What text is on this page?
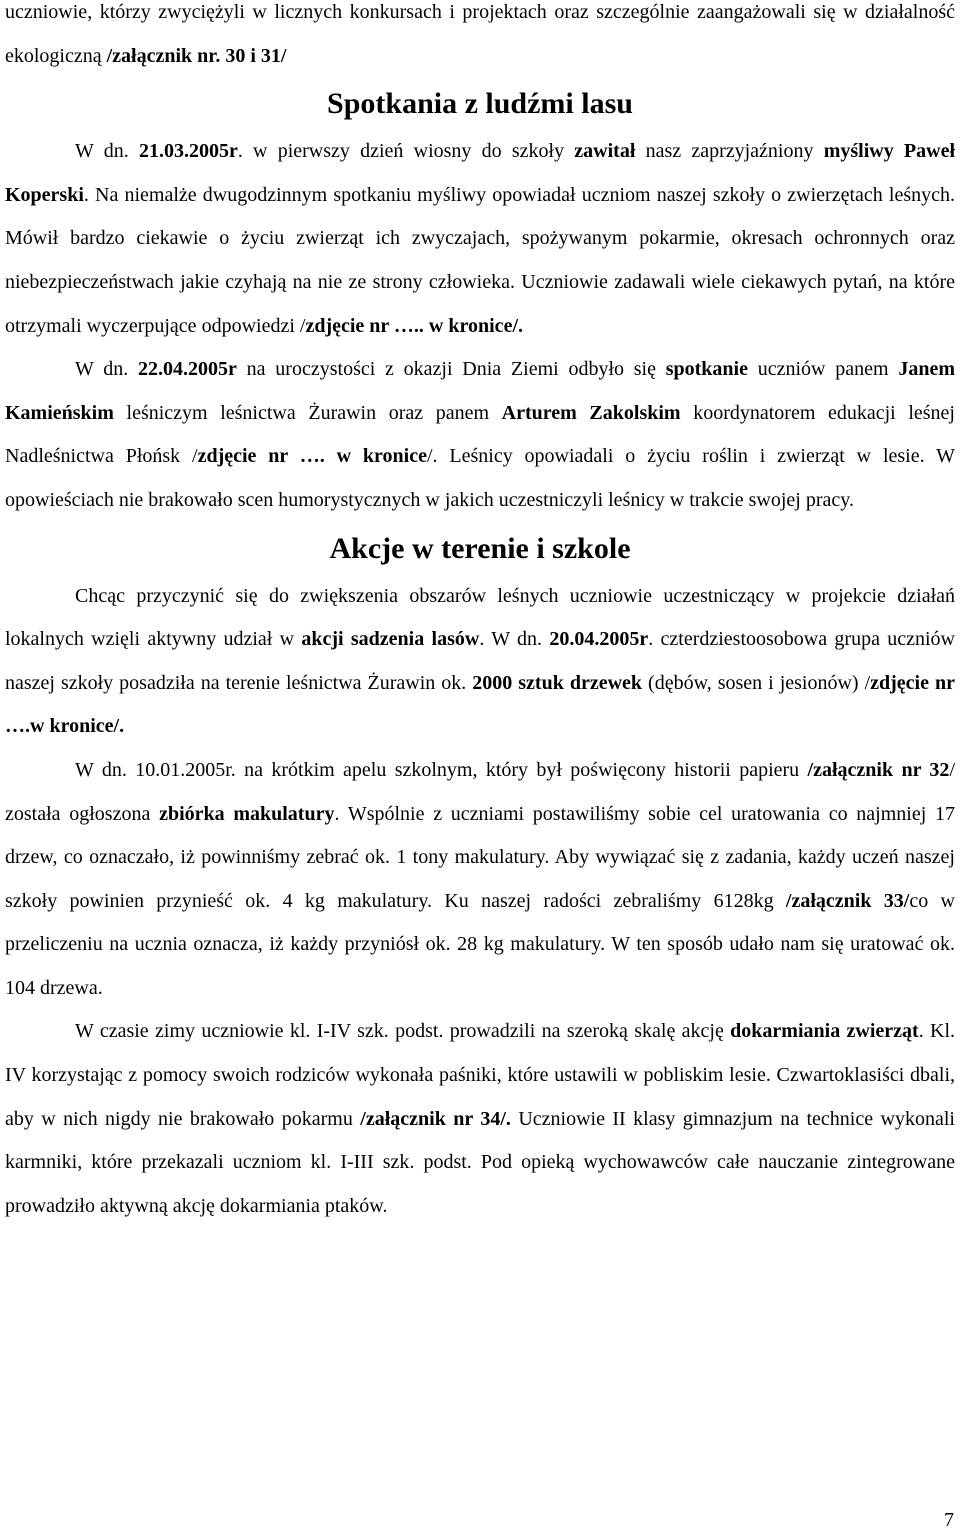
uczniowie, którzy zwyciężyli w licznych konkursach i projektach oraz szczególnie zaangażowali się w działalność ekologiczną /załącznik nr. 30 i 31/

Spotkania z ludźmi lasu

W dn. 21.03.2005r. w pierwszy dzień wiosny do szkoły zawitał nasz zaprzyjaźniony myśliwy Paweł Koperski. Na niemalże dwugodzinnym spotkaniu myśliwy opowiadał uczniom naszej szkoły o zwierzętach leśnych. Mówił bardzo ciekawie o życiu zwierząt ich zwyczajach, spożywanym pokarmie, okresach ochronnych oraz niebezpieczeństwach jakie czyhają na nie ze strony człowieka. Uczniowie zadawali wiele ciekawych pytań, na które otrzymali wyczerpujące odpowiedzi /zdjęcie nr ….. w kronice/.

W dn. 22.04.2005r na uroczystości z okazji Dnia Ziemi odbyło się spotkanie uczniów panem Janem Kamieńskim leśniczym leśnictwa Żurawin oraz panem Arturem Zakolskim koordynatorem edukacji leśnej Nadleśnictwa Płońsk /zdjęcie nr …. w kronice/. Leśnicy opowiadali o życiu roślin i zwierząt w lesie. W opowieściach nie brakowało scen humorystycznych w jakich uczestniczyli leśnicy w trakcie swojej pracy.

Akcje w terenie i szkole

Chcąc przyczynić się do zwiększenia obszarów leśnych uczniowie uczestniczący w projekcie działań lokalnych wzięli aktywny udział w akcji sadzenia lasów. W dn. 20.04.2005r. czterdziestoosobowa grupa uczniów naszej szkoły posadziła na terenie leśnictwa Żurawin ok. 2000 sztuk drzewek (dębów, sosen i jesionów) /zdjęcie nr ….w kronice/.

W dn. 10.01.2005r. na krótkim apelu szkolnym, który był poświęcony historii papieru /załącznik nr 32/ została ogłoszona zbiórka makulatury. Wspólnie z uczniami postawiliśmy sobie cel uratowania co najmniej 17 drzew, co oznaczało, iż powinniśmy zebrać ok. 1 tony makulatury. Aby wywiązać się z zadania, każdy uczeń naszej szkoły powinien przynieść ok. 4 kg makulatury. Ku naszej radości zebraliśmy 6128kg /załącznik 33/co w przeliczeniu na ucznia oznacza, iż każdy przyniósł ok. 28 kg makulatury. W ten sposób udało nam się uratować ok. 104 drzewa.

W czasie zimy uczniowie kl. I-IV szk. podst. prowadzili na szeroką skalę akcję dokarmiania zwierząt. Kl. IV korzystając z pomocy swoich rodziców wykonała paśniki, które ustawili w pobliskim lesie. Czwartoklasiści dbali, aby w nich nigdy nie brakowało pokarmu /załącznik nr 34/. Uczniowie II klasy gimnazjum na technice wykonali karmniki, które przekazali uczniom kl. I-III szk. podst. Pod opieką wychowawców całe nauczanie zintegrowane prowadziło aktywną akcję dokarmiania ptaków.

7
